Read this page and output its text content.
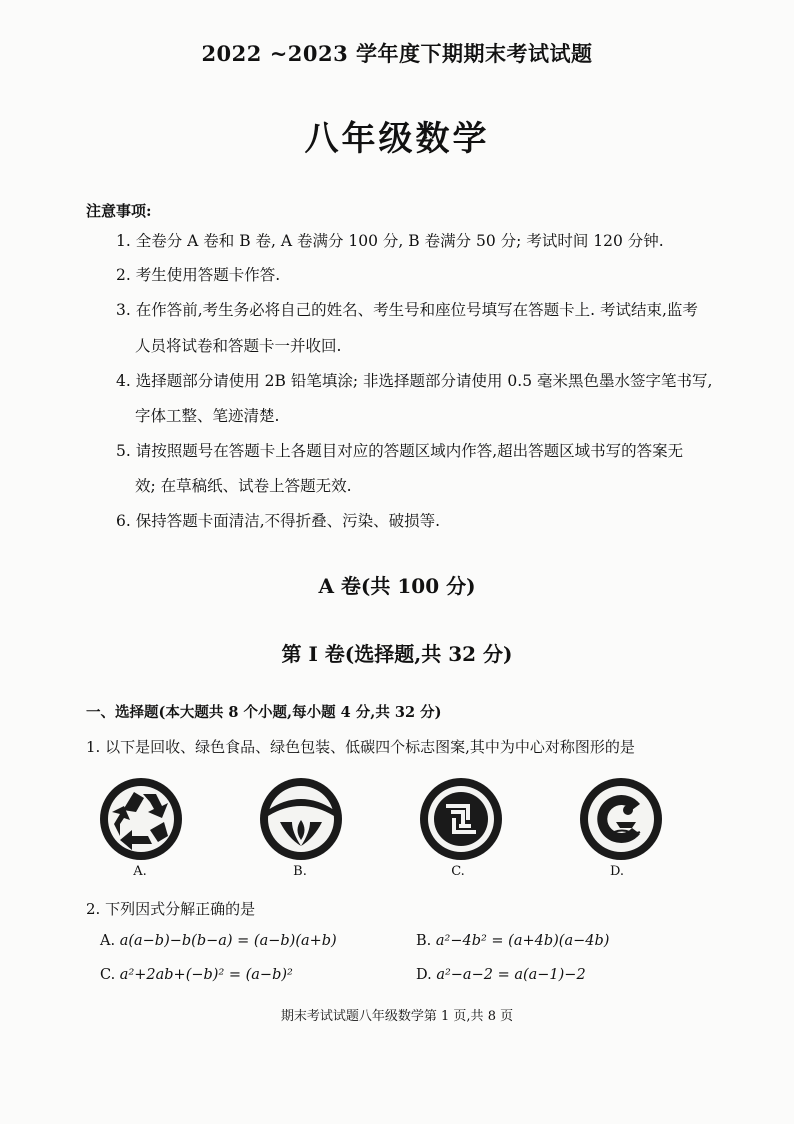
2022 ~2023 学年度下期期末考试试题
八年级数学
注意事项:
1. 全卷分 A 卷和 B 卷, A 卷满分 100 分, B 卷满分 50 分; 考试时间 120 分钟.
2. 考生使用答题卡作答.
3. 在作答前,考生务必将自己的姓名、考生号和座位号填写在答题卡上. 考试结束,监考
人员将试卷和答题卡一并收回.
4. 选择题部分请使用 2B 铅笔填涂; 非选择题部分请使用 0.5 毫米黑色墨水签字笔书写,
字体工整、笔迹清楚.
5. 请按照题号在答题卡上各题目对应的答题区域内作答,超出答题区域书写的答案无
效; 在草稿纸、试卷上答题无效.
6. 保持答题卡面清洁,不得折叠、污染、破损等.
A 卷(共 100 分)
第 I 卷(选择题,共 32 分)
一、选择题(本大题共 8 个小题,每小题 4 分,共 32 分)
1. 以下是回收、绿色食品、绿色包装、低碳四个标志图案,其中为中心对称图形的是
A.	B.	C.	D.
2. 下列因式分解正确的是
A. a(a−b)−b(b−a) = (a−b)(a+b)	B. a²−4b² = (a+4b)(a−4b)
C. a²+2ab+(−b)² = (a−b)²	D. a²−a−2 = a(a−1)−2
期末考试试题八年级数学第 1 页,共 8 页
